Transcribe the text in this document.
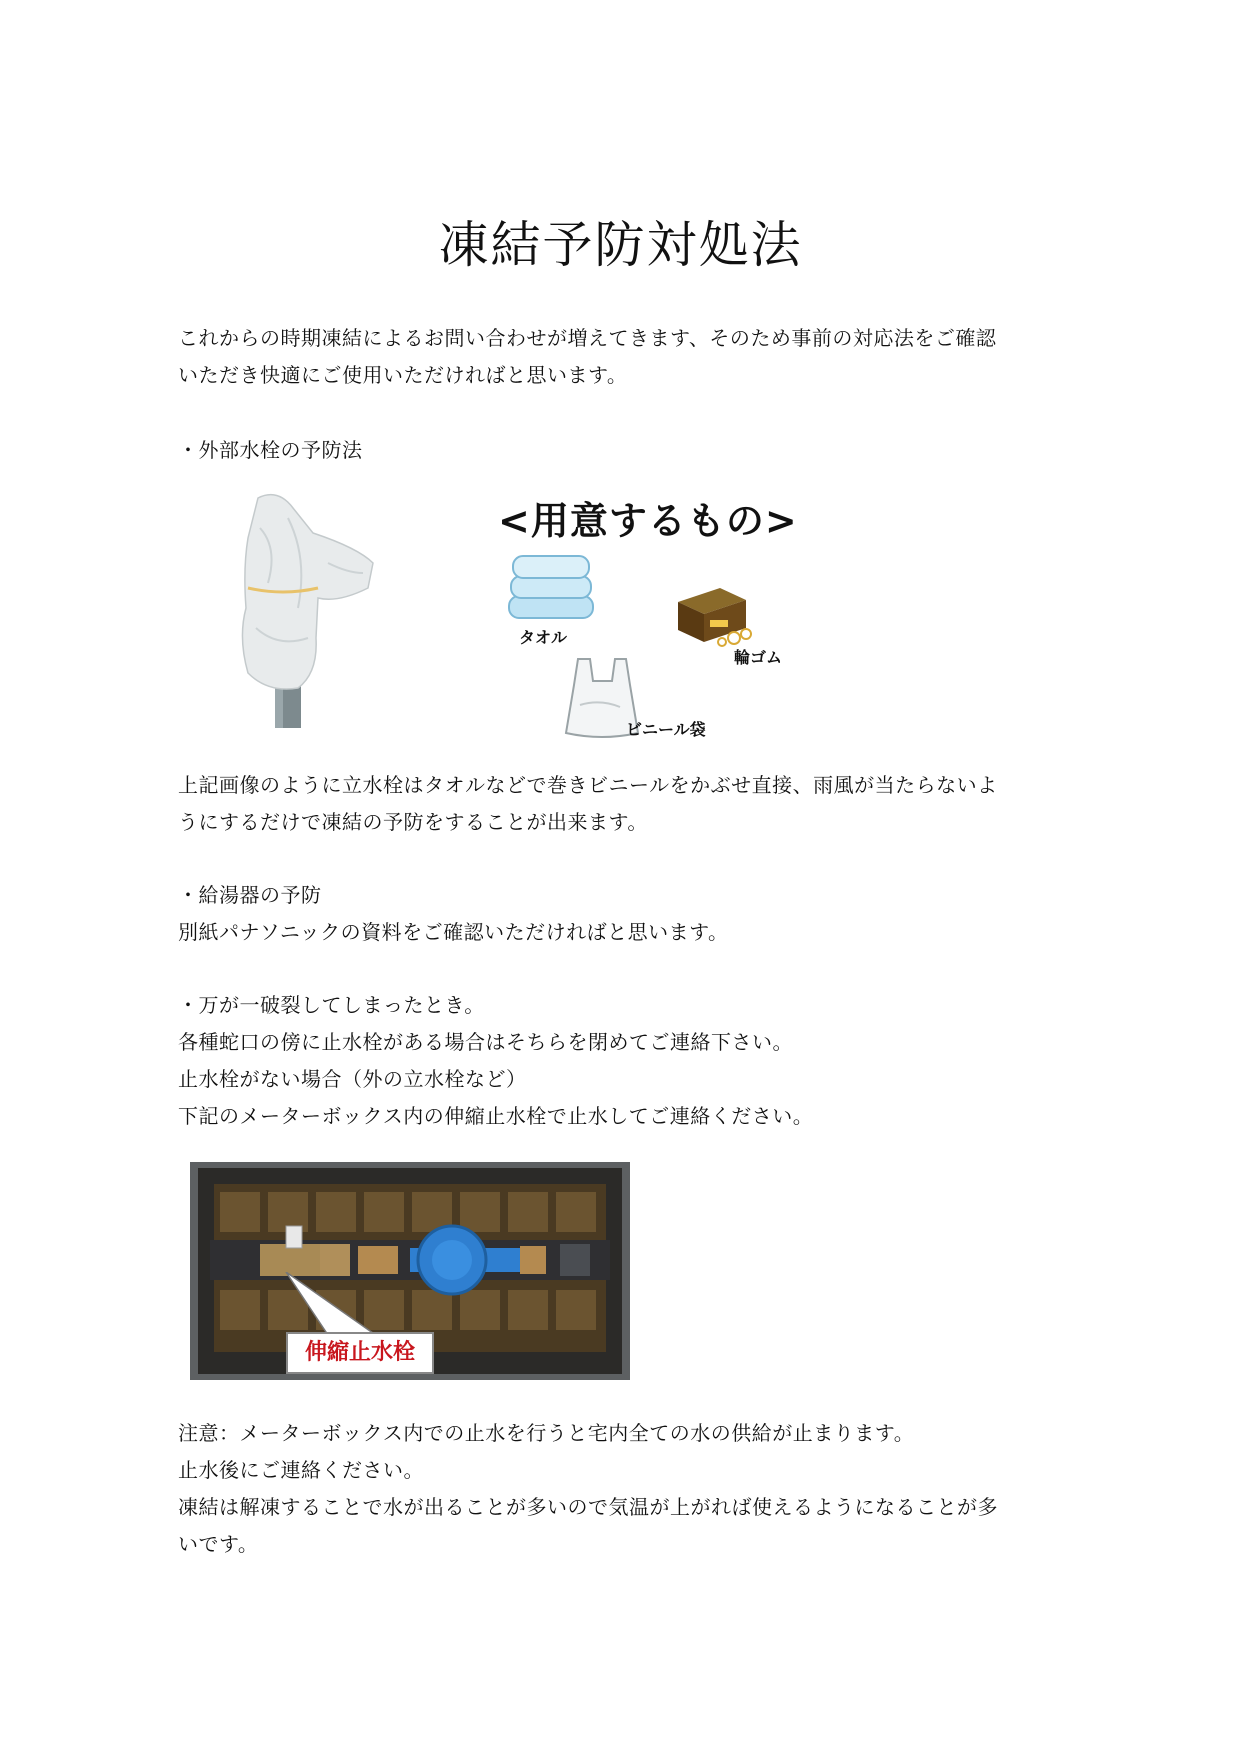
凍結予防対処法
これからの時期凍結によるお問い合わせが増えてきます、そのため事前の対応法をご確認
いただき快適にご使用いただければと思います。
・外部水栓の予防法
<用意するもの>
タオル
輪ゴム
ビニール袋
上記画像のように立水栓はタオルなどで巻きビニールをかぶせ直接、雨風が当たらないよ
うにするだけで凍結の予防をすることが出来ます。
・給湯器の予防
別紙パナソニックの資料をご確認いただければと思います。
・万が一破裂してしまったとき。
各種蛇口の傍に止水栓がある場合はそちらを閉めてご連絡下さい。
止水栓がない場合（外の立水栓など）
下記のメーターボックス内の伸縮止水栓で止水してご連絡ください。
伸縮止水栓
注意：メーターボックス内での止水を行うと宅内全ての水の供給が止まります。
止水後にご連絡ください。
凍結は解凍することで水が出ることが多いので気温が上がれば使えるようになることが多
いです。
